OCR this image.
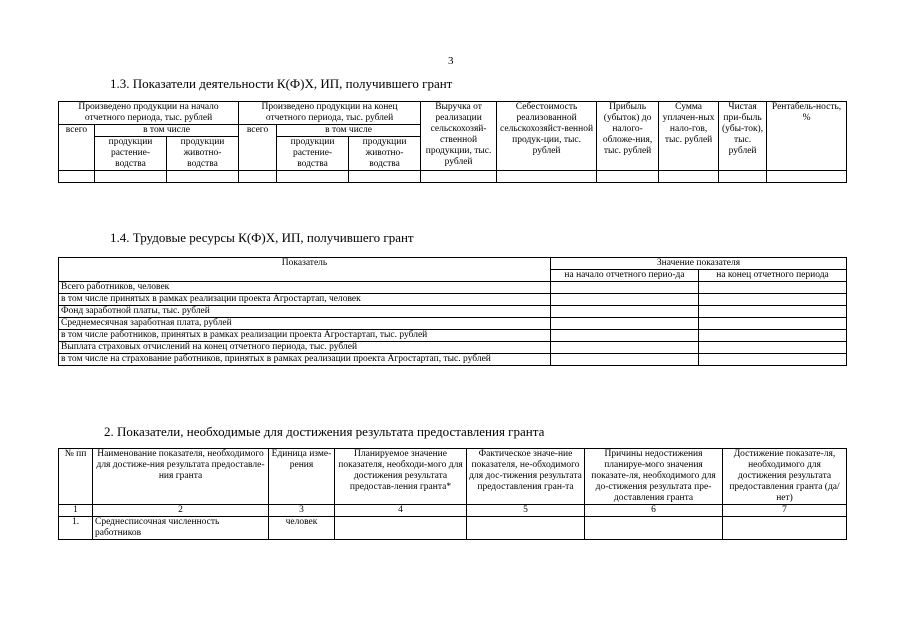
3
1.3. Показатели деятельности К(Ф)Х, ИП, получившего грант
Произведено продукции на начало отчетного периода, тыс. рублей			Произведено продукции на конец отчетного периода, тыс. рублей			Выручка от реализации сельскохозяй-ственной продукции, тыс. рублей	Себестоимость реализованной сельскохозяйст-венной продук-ции, тыс. рублей	Прибыль (убыток) до налого-обложе-ния, тыс. рублей	Сумма уплачен-ных нало-гов, тыс. рублей	Чистая при-быль (убы-ток), тыс. рублей	Рентабель-ность, %
всего	в том числе		всего	в том числе							
	продукции растение-водства	продукции животно-водства		продукции растение-водства	продукции животно-водства						

1.4. Трудовые ресурсы К(Ф)Х, ИП, получившего грант
Показатель	Значение показателя	
	на начало отчетного перио-да	на конец отчетного периода
Всего работников, человек		
в том числе принятых в рамках реализации проекта Агростартап, человек		
Фонд заработной платы, тыс. рублей		
Среднемесячная заработная плата, рублей		
в том числе работников, принятых в рамках реализации проекта Агростартап, тыс. рублей		
Выплата страховых отчислений на конец отчетного периода, тыс. рублей		
в том числе на страхование работников, принятых в рамках реализации проекта Агростартап, тыс. рублей		
2. Показатели, необходимые для достижения результата предоставления гранта
№ пп	Наименование показателя, необходимого для достиже-ния результата предоставле-ния гранта	Единица изме-рения	Планируемое значение показателя, необходи-мого для достижения результата предостав-ления гранта*	Фактическое значе-ние показателя, не-обходимого для дос-тижения результата предоставления гран-та	Причины недостижения планируе-мого значения показате-ля, необходимого для до-стижения результата пре-доставления гранта	Достижение показате-ля, необходимого для достижения результата предоставления гранта (да/нет)
1	2	3	4	5	6	7
1.	Среднесписочная численность работников	человек				
